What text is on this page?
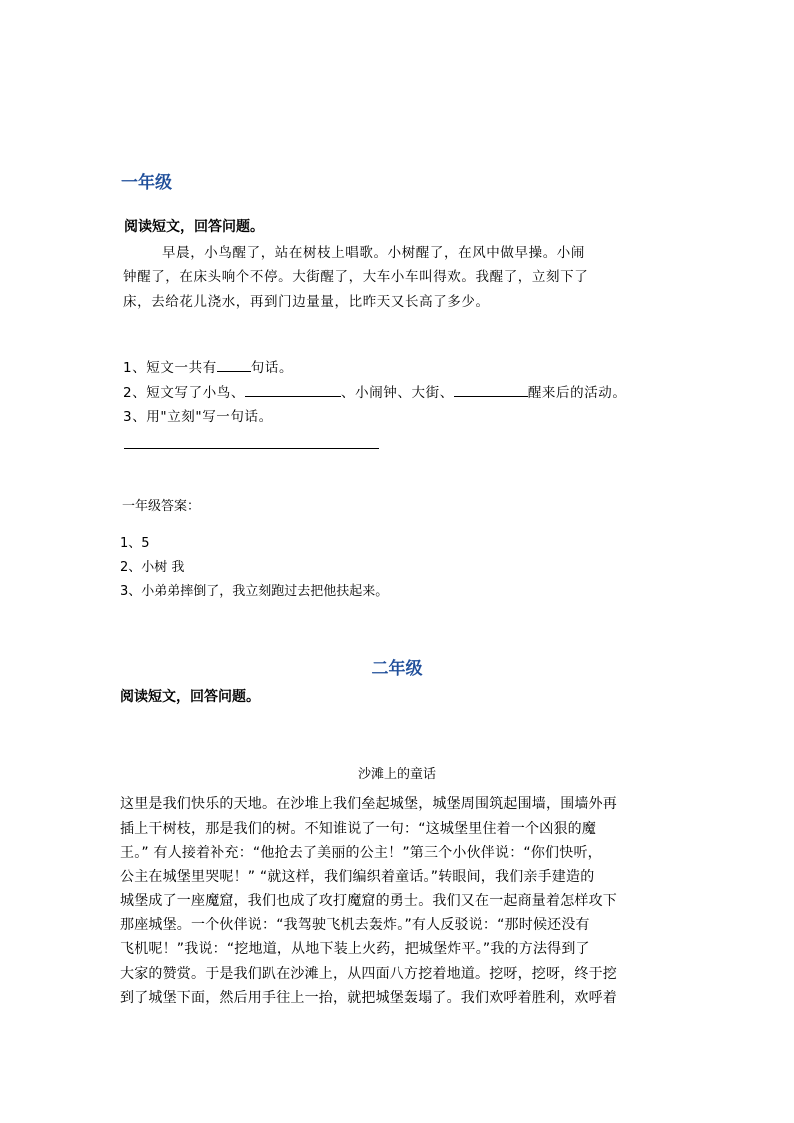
一年级
阅读短文，回答问题。
早晨，小鸟醒了，站在树枝上唱歌。小树醒了，在风中做早操。小闹
钟醒了，在床头响个不停。大街醒了，大车小车叫得欢。我醒了，立刻下了
床，去给花儿浇水，再到门边量量，比昨天又长高了多少。
1、短文一共有	句话。
2、短文写了小鸟、	、小闹钟、大街、	醒来后的活动。
3、用"立刻"写一句话。
一年级答案：
1、5
2、小树 我
3、小弟弟摔倒了，我立刻跑过去把他扶起来。
二年级
阅读短文，回答问题。
沙滩上的童话
这里是我们快乐的天地。在沙堆上我们垒起城堡，城堡周围筑起围墙，围墙外再
插上干树枝，那是我们的树。不知谁说了一句：“这城堡里住着一个凶狠的魔
王。” 有人接着补充：“他抢去了美丽的公主！”第三个小伙伴说：“你们快听，
公主在城堡里哭呢！” “就这样，我们编织着童话。”转眼间，我们亲手建造的
城堡成了一座魔窟，我们也成了攻打魔窟的勇士。我们又在一起商量着怎样攻下
那座城堡。一个伙伴说：“我驾驶飞机去轰炸。”有人反驳说：“那时候还没有
飞机呢！”我说：“挖地道，从地下装上火药，把城堡炸平。”我的方法得到了
大家的赞赏。于是我们趴在沙滩上，从四面八方挖着地道。挖呀，挖呀，终于挖
到了城堡下面，然后用手往上一抬，就把城堡轰塌了。我们欢呼着胜利，欢呼着
